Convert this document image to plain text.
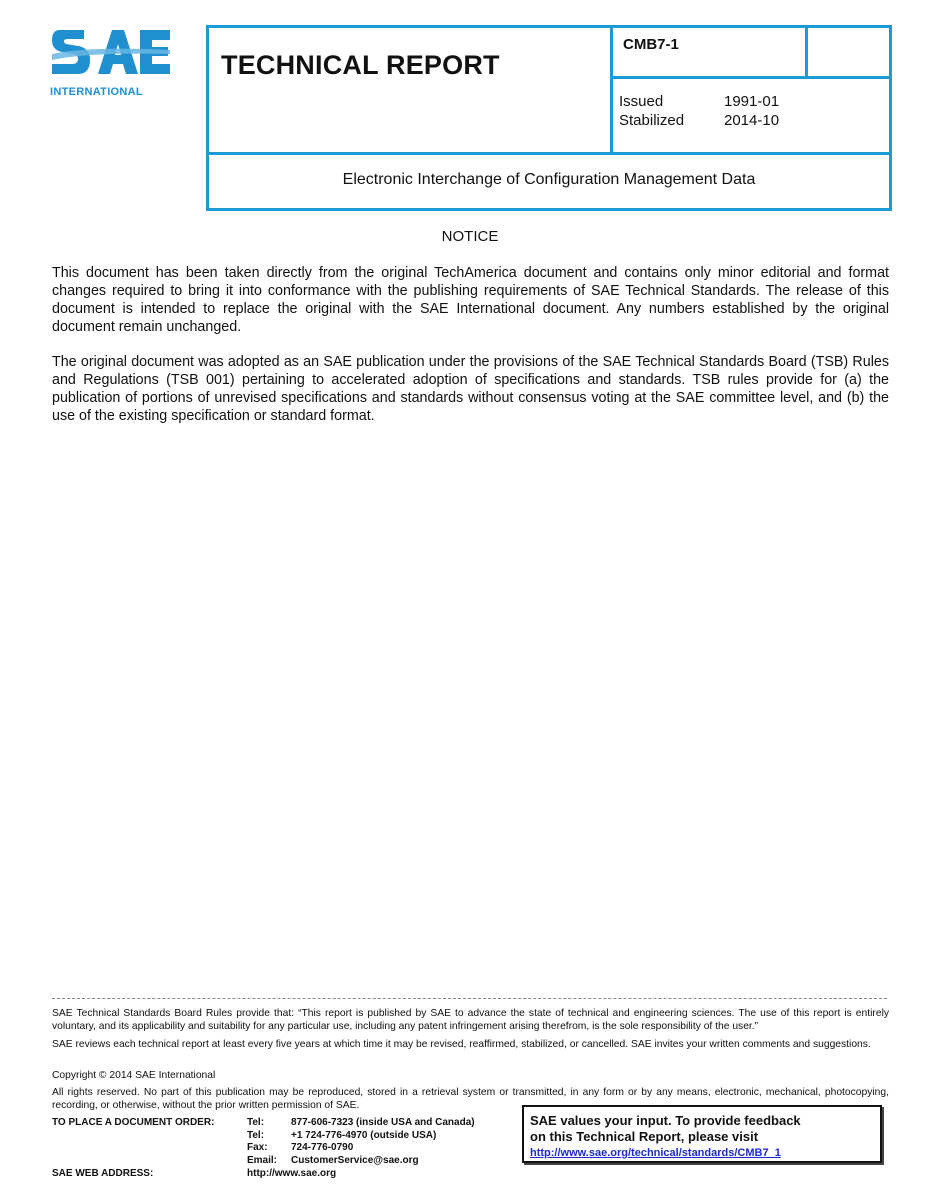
INTERNATIONAL
TECHNICAL REPORT
CMB7-1
Issued	1991-01
Stabilized	2014-10
Electronic Interchange of Configuration Management Data
NOTICE
This document has been taken directly from the original TechAmerica document and contains only minor editorial and format changes required to bring it into conformance with the publishing requirements of SAE Technical Standards. The release of this document is intended to replace the original with the SAE International document. Any numbers established by the original document remain unchanged.
The original document was adopted as an SAE publication under the provisions of the SAE Technical Standards Board (TSB) Rules and Regulations (TSB 001) pertaining to accelerated adoption of specifications and standards. TSB rules provide for (a) the publication of portions of unrevised specifications and standards without consensus voting at the SAE committee level, and (b) the use of the existing specification or standard format.
SAE Technical Standards Board Rules provide that: “This report is published by SAE to advance the state of technical and engineering sciences. The use of this report is entirely voluntary, and its applicability and suitability for any particular use, including any patent infringement arising therefrom, is the sole responsibility of the user.”
SAE reviews each technical report at least every five years at which time it may be revised, reaffirmed, stabilized, or cancelled. SAE invites your written comments and suggestions.
Copyright © 2014 SAE International
All rights reserved. No part of this publication may be reproduced, stored in a retrieval system or transmitted, in any form or by any means, electronic, mechanical, photocopying, recording, or otherwise, without the prior written permission of SAE.
TO PLACE A DOCUMENT ORDER:	Tel:	877-606-7323 (inside USA and Canada)
Tel:	+1 724-776-4970 (outside USA)
Fax: 724-776-0790
Email: CustomerService@sae.org
SAE WEB ADDRESS:	http://www.sae.org
SAE values your input. To provide feedback
on this Technical Report, please visit
http://www.sae.org/technical/standards/CMB7_1
